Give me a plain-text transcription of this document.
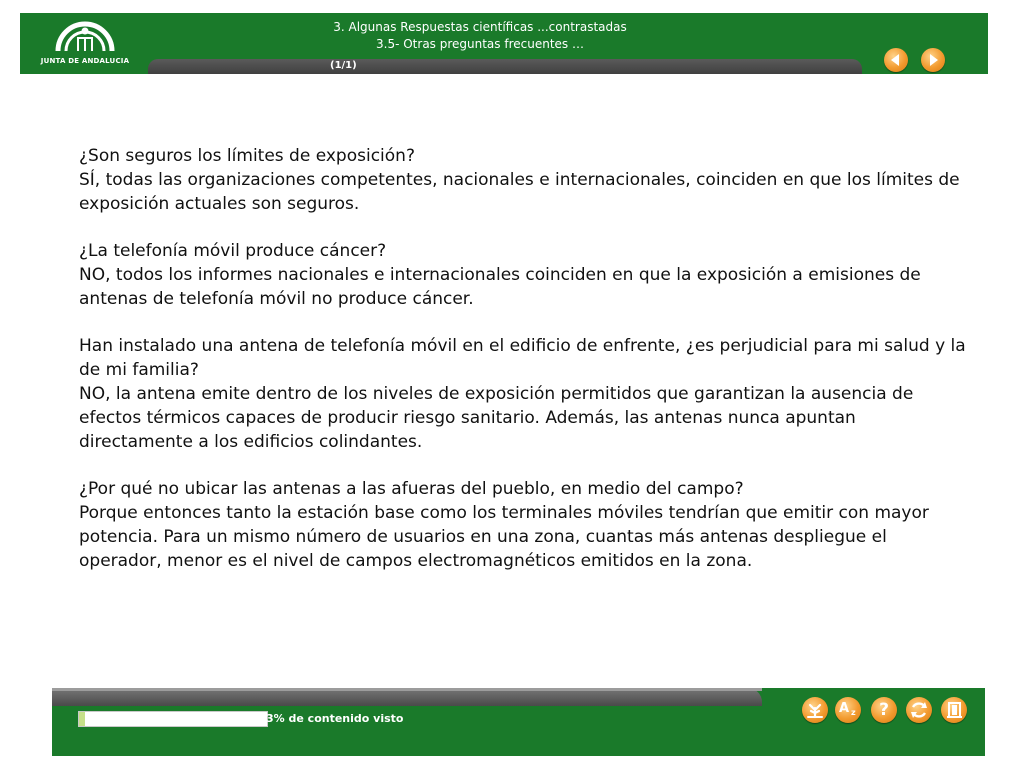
JUNTA DE ANDALUCIA
3. Algunas Respuestas científicas ...contrastadas
3.5- Otras preguntas frecuentes …
(1/1)

¿Son seguros los límites de exposición?

SÍ, todas las organizaciones competentes, nacionales e internacionales, coinciden en que los límites de exposición actuales son seguros.

¿La telefonía móvil produce cáncer?

NO, todos los informes nacionales e internacionales coinciden en que la exposición a emisiones de antenas de telefonía móvil no produce cáncer.

Han instalado una antena de telefonía móvil en el edificio de enfrente, ¿es perjudicial para mi salud y la de mi familia?

NO, la antena emite dentro de los niveles de exposición permitidos que garantizan la ausencia de efectos térmicos capaces de producir riesgo sanitario. Además, las antenas nunca apuntan directamente a los edificios colindantes.

¿Por qué no ubicar las antenas a las afueras del pueblo, en medio del campo?

Porque entonces tanto la estación base como los terminales móviles tendrían que emitir con mayor potencia. Para un mismo número de usuarios en una zona, cuantas más antenas despliegue el operador, menor es el nivel de campos electromagnéticos emitidos en la zona.

3% de contenido visto
A z	?
